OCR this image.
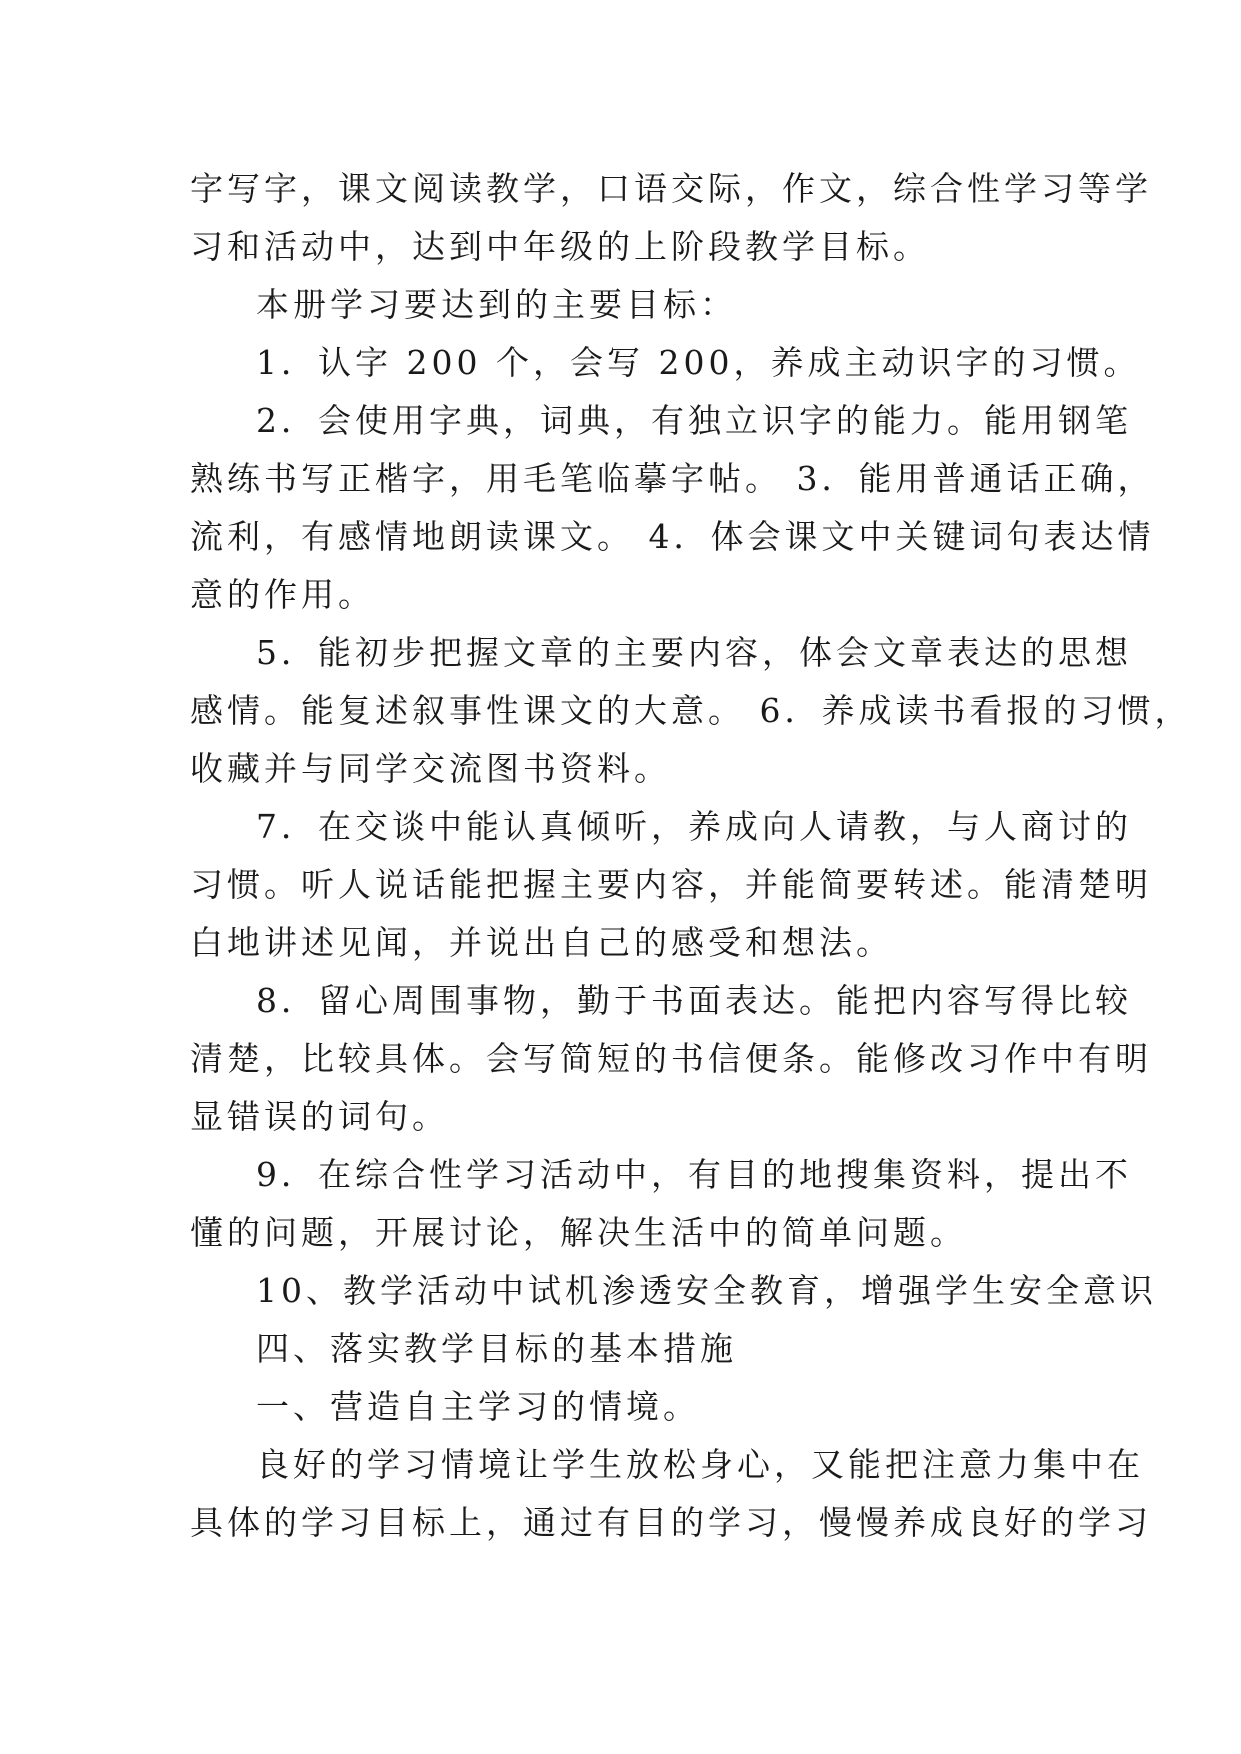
字写字，课文阅读教学，口语交际，作文，综合性学习等学
习和活动中，达到中年级的上阶段教学目标。
本册学习要达到的主要目标：
1．认字 200 个，会写 200，养成主动识字的习惯。
2．会使用字典，词典，有独立识字的能力。能用钢笔
熟练书写正楷字，用毛笔临摹字帖。 3．能用普通话正确，
流利，有感情地朗读课文。 4．体会课文中关键词句表达情
意的作用。
5．能初步把握文章的主要内容，体会文章表达的思想
感情。能复述叙事性课文的大意。 6．养成读书看报的习惯，
收藏并与同学交流图书资料。
7．在交谈中能认真倾听，养成向人请教，与人商讨的
习惯。听人说话能把握主要内容，并能简要转述。能清楚明
白地讲述见闻，并说出自己的感受和想法。
8．留心周围事物，勤于书面表达。能把内容写得比较
清楚，比较具体。会写简短的书信便条。能修改习作中有明
显错误的词句。
9．在综合性学习活动中，有目的地搜集资料，提出不
懂的问题，开展讨论，解决生活中的简单问题。
10、教学活动中试机渗透安全教育，增强学生安全意识
四、落实教学目标的基本措施
一、营造自主学习的情境。
良好的学习情境让学生放松身心，又能把注意力集中在
具体的学习目标上，通过有目的学习，慢慢养成良好的学习
